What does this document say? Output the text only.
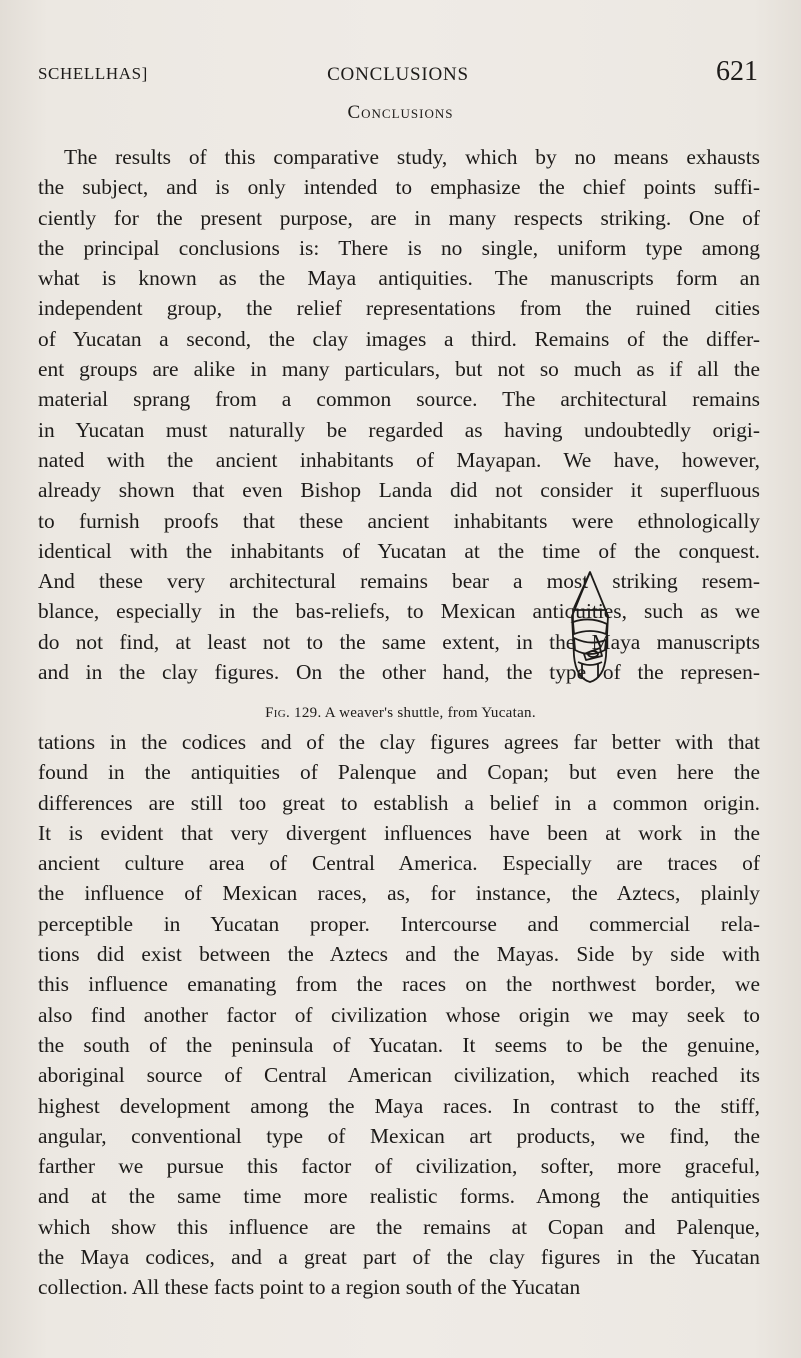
SCHELLHAS]	CONCLUSIONS	621
Conclusions
The results of this comparative study, which by no means exhausts
the subject, and is only intended to emphasize the chief points suffi-
ciently for the present purpose, are in many respects striking. One of
the principal conclusions is: There is no single, uniform type among
what is known as the Maya antiquities. The manuscripts form an
independent group, the relief representations from the ruined cities
of Yucatan a second, the clay images a third. Remains of the differ-
ent groups are alike in many particulars, but not so much as if all the
material sprang from a common source. The architectural remains
in Yucatan must naturally be regarded as having undoubtedly origi-
nated with the ancient inhabitants of Mayapan. We have, however,
already shown that even Bishop Landa did not consider it superfluous
to furnish proofs that these ancient inhabitants were ethnologically
identical with the inhabitants of Yucatan at the time of the conquest.
And these very architectural remains bear a most striking resem-
blance, especially in the bas-reliefs, to Mexican antiquities, such as we
do not find, at least not to the same extent, in the Maya manuscripts
and in the clay figures. On the other hand, the type of the represen-
Fig. 129. A weaver's shuttle, from Yucatan.
tations in the codices and of the clay figures agrees far better with that
found in the antiquities of Palenque and Copan; but even here the
differences are still too great to establish a belief in a common origin.
It is evident that very divergent influences have been at work in the
ancient culture area of Central America. Especially are traces of
the influence of Mexican races, as, for instance, the Aztecs, plainly
perceptible in Yucatan proper. Intercourse and commercial rela-
tions did exist between the Aztecs and the Mayas. Side by side with
this influence emanating from the races on the northwest border, we
also find another factor of civilization whose origin we may seek to
the south of the peninsula of Yucatan. It seems to be the genuine,
aboriginal source of Central American civilization, which reached its
highest development among the Maya races. In contrast to the stiff,
angular, conventional type of Mexican art products, we find, the
farther we pursue this factor of civilization, softer, more graceful,
and at the same time more realistic forms. Among the antiquities
which show this influence are the remains at Copan and Palenque,
the Maya codices, and a great part of the clay figures in the Yucatan
collection. All these facts point to a region south of the Yucatan
